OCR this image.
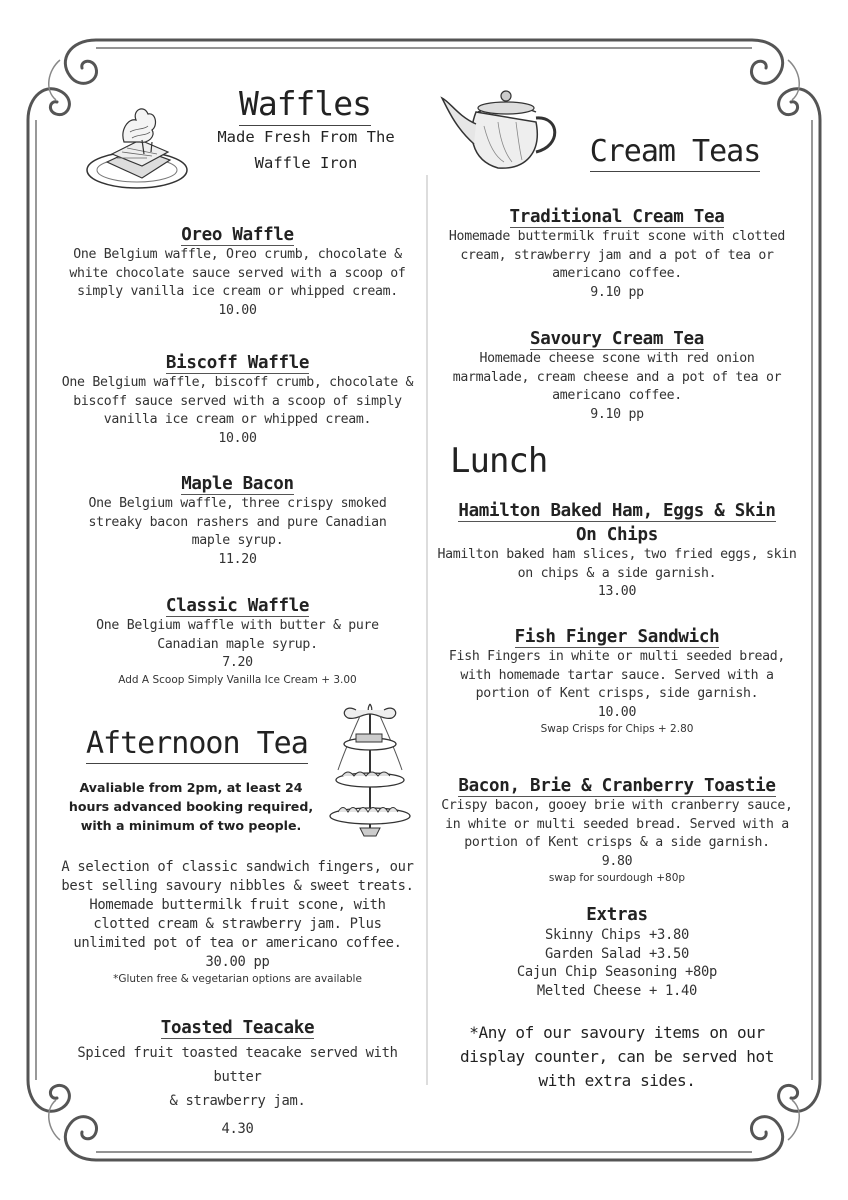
Waffles
Made Fresh From The
Waffle Iron
Oreo Waffle
One Belgium waffle, Oreo crumb, chocolate &
white chocolate sauce served with a scoop of
simply vanilla ice cream or whipped cream.
10.00
Biscoff Waffle
One Belgium waffle, biscoff crumb, chocolate &
biscoff sauce served with a scoop of simply
vanilla ice cream or whipped cream.
10.00
Maple Bacon
One Belgium waffle, three crispy smoked
streaky bacon rashers and pure Canadian
maple syrup.
11.20
Classic Waffle
One Belgium waffle with butter & pure
Canadian maple syrup.
7.20
Add A Scoop Simply Vanilla Ice Cream + 3.00
Afternoon Tea
Avaliable from 2pm, at least 24
hours advanced booking required,
with a minimum of two people.
A selection of classic sandwich fingers, our
best selling savoury nibbles & sweet treats.
Homemade buttermilk fruit scone, with
clotted cream & strawberry jam. Plus
unlimited pot of tea or americano coffee.
30.00 pp
*Gluten free & vegetarian options are available
Toasted Teacake
Spiced fruit toasted teacake served with butter
& strawberry jam.
4.30
Cream Teas
Traditional Cream Tea
Homemade buttermilk fruit scone with clotted
cream, strawberry jam and a pot of tea or
americano coffee.
9.10 pp
Savoury Cream Tea
Homemade cheese scone with red onion
marmalade, cream cheese and a pot of tea or
americano coffee.
9.10 pp
Lunch
Hamilton Baked Ham, Eggs & Skin
On Chips
Hamilton baked ham slices, two fried eggs, skin
on chips & a side garnish.
13.00
Fish Finger Sandwich
Fish Fingers in white or multi seeded bread,
with homemade tartar sauce. Served with a
portion of Kent crisps, side garnish.
10.00
Swap Crisps for Chips + 2.80
Bacon, Brie & Cranberry Toastie
Crispy bacon, gooey brie with cranberry sauce,
in white or multi seeded bread. Served with a
portion of Kent crisps & a side garnish.
9.80
swap for sourdough +80p
Extras
Skinny Chips +3.80
Garden Salad +3.50
Cajun Chip Seasoning +80p
Melted Cheese + 1.40
*Any of our savoury items on our
display counter, can be served hot
with extra sides.
